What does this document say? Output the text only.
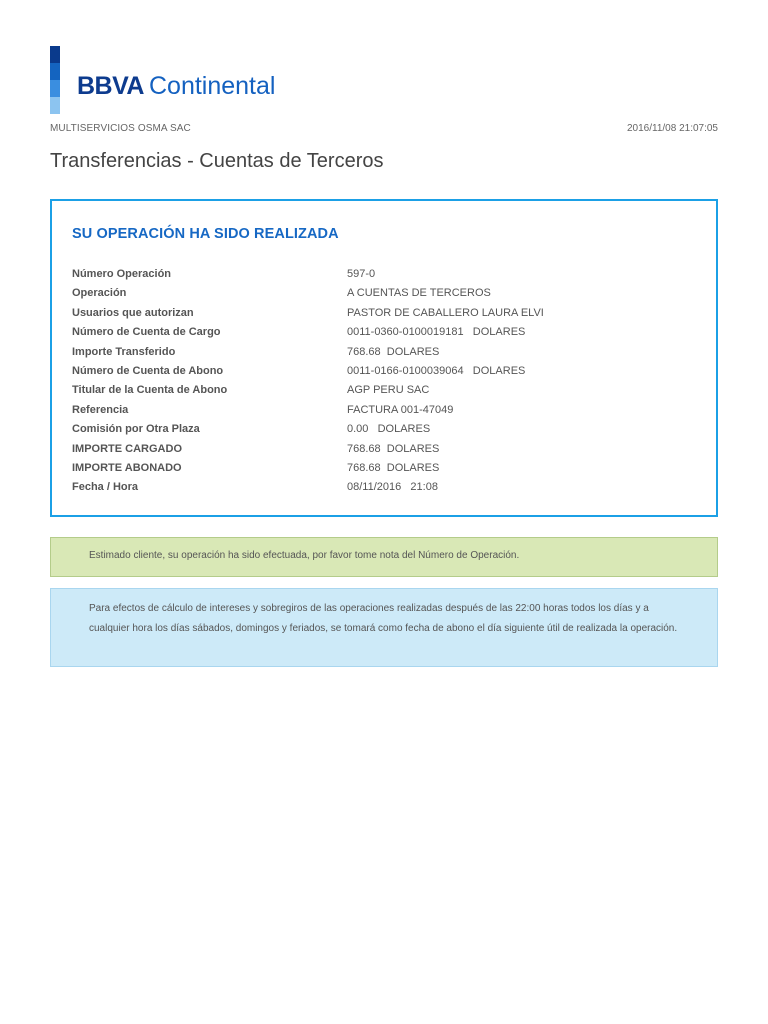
BBVA Continental
MULTISERVICIOS OSMA SAC	2016/11/08 21:07:05
Transferencias - Cuentas de Terceros
SU OPERACIÓN HA SIDO REALIZADA
Número Operación	597-0
Operación	A CUENTAS DE TERCEROS
Usuarios que autorizan	PASTOR DE CABALLERO LAURA ELVI
Número de Cuenta de Cargo	0011-0360-0100019181   DOLARES
Importe Transferido	768.68  DOLARES
Número de Cuenta de Abono	0011-0166-0100039064   DOLARES
Titular de la Cuenta de Abono	AGP PERU SAC
Referencia	FACTURA 001-47049
Comisión por Otra Plaza	0.00   DOLARES
IMPORTE CARGADO	768.68  DOLARES
IMPORTE ABONADO	768.68  DOLARES
Fecha / Hora	08/11/2016   21:08

Estimado cliente, su operación ha sido efectuada, por favor tome nota del Número de Operación.

Para efectos de cálculo de intereses y sobregiros de las operaciones realizadas después de las 22:00 horas todos los días y a cualquier hora los días sábados, domingos y feriados, se tomará como fecha de abono el día siguiente útil de realizada la operación.
